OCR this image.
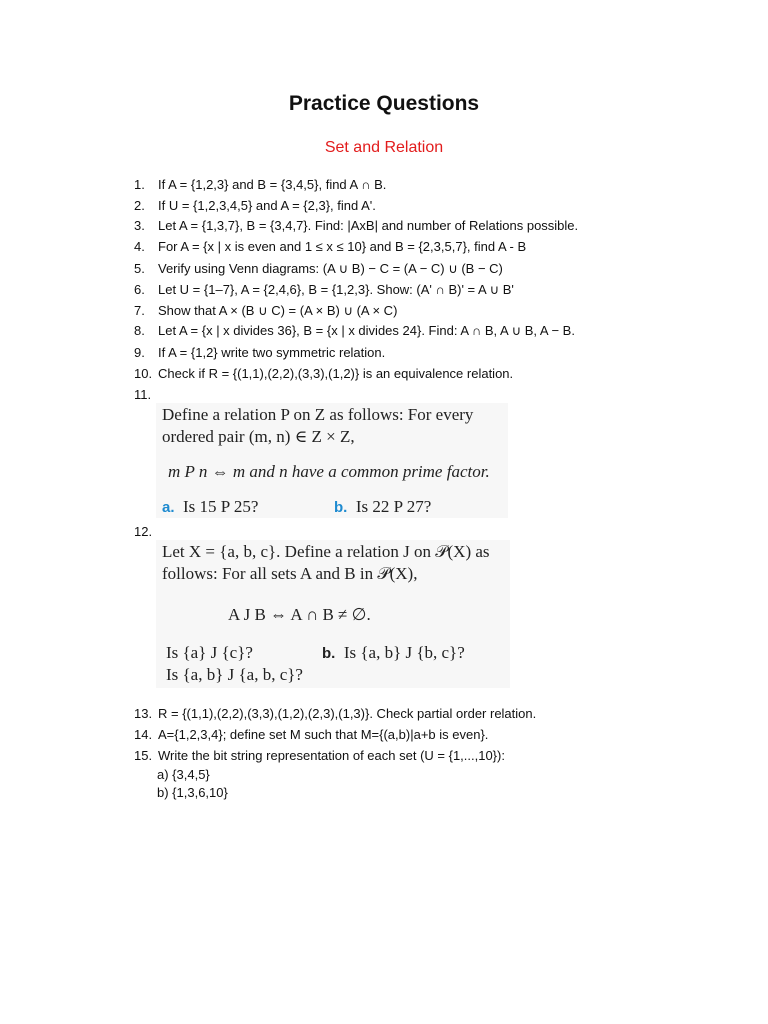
Practice Questions
Set and Relation
1. If A = {1,2,3} and B = {3,4,5}, find A ∩ B.
2. If U = {1,2,3,4,5} and A = {2,3}, find A'.
3. Let A = {1,3,7}, B = {3,4,7}. Find: |AxB| and number of Relations possible.
4. For A = {x | x is even and 1 ≤ x ≤ 10} and B = {2,3,5,7}, find A - B
5. Verify using Venn diagrams: (A ∪ B) − C = (A − C) ∪ (B − C)
6. Let U = {1–7}, A = {2,4,6}, B = {1,2,3}. Show: (A' ∩ B)' = A ∪ B'
7. Show that A × (B ∪ C) = (A × B) ∪ (A × C)
8. Let A = {x | x divides 36}, B = {x | x divides 24}. Find: A ∩ B, A ∪ B, A − B.
9. If A = {1,2} write two symmetric relation.
10. Check if R = {(1,1),(2,2),(3,3),(1,2)} is an equivalence relation.
11.
Define a relation P on Z as follows: For every
ordered pair (m, n) ∈ Z × Z,
m P n ⇔ m and n have a common prime factor.
a. Is 15 P 25?	b. Is 22 P 27?
12.
Let X = {a, b, c}. Define a relation J on 𝒫(X) as
follows: For all sets A and B in 𝒫(X),
A J B ⇔ A ∩ B ≠ ∅.
Is {a} J {c}?	b. Is {a, b} J {b, c}?
Is {a, b} J {a, b, c}?
13. R = {(1,1),(2,2),(3,3),(1,2),(2,3),(1,3)}. Check partial order relation.
14. A={1,2,3,4}; define set M such that M={(a,b)|a+b is even}.
15. Write the bit string representation of each set (U = {1,...,10}):
a) {3,4,5}
b) {1,3,6,10}
